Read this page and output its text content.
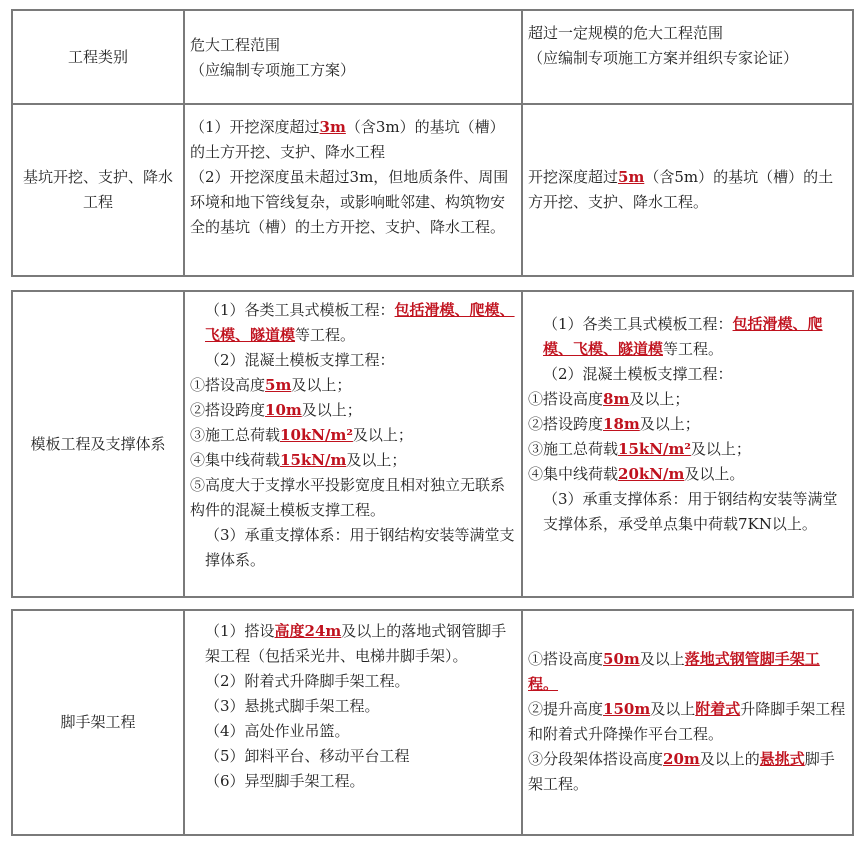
工程类别

危大工程范围

（应编制专项施工方案）

超过一定规模的危大工程范围

（应编制专项施工方案并组织专家论证）

基坑开挖、支护、降水工程

（1）开挖深度超过3m（含3m）的基坑（槽）的土方开挖、支护、降水工程

（2）开挖深度虽未超过3m，但地质条件、周围环境和地下管线复杂，或影响毗邻建、构筑物安全的基坑（槽）的土方开挖、支护、降水工程。

开挖深度超过5m（含5m）的基坑（槽）的土方开挖、支护、降水工程。

模板工程及支撑体系

（1）各类工具式模板工程：包括滑模、爬模、飞模、隧道模等工程。

（2）混凝土模板支撑工程：

①搭设高度5m及以上；

②搭设跨度10m及以上；

③施工总荷载10kN/m²及以上；

④集中线荷载15kN/m及以上；

⑤高度大于支撑水平投影宽度且相对独立无联系构件的混凝土模板支撑工程。

（3）承重支撑体系：用于钢结构安装等满堂支撑体系。

（1）各类工具式模板工程：包括滑模、爬模、飞模、隧道模等工程。

（2）混凝土模板支撑工程：

①搭设高度8m及以上；

②搭设跨度18m及以上；

③施工总荷载15kN/m²及以上；

④集中线荷载20kN/m及以上。

（3）承重支撑体系：用于钢结构安装等满堂支撑体系，承受单点集中荷载7KN以上。

脚手架工程

（1）搭设高度24m及以上的落地式钢管脚手架工程（包括采光井、电梯井脚手架）。

（2）附着式升降脚手架工程。

（3）悬挑式脚手架工程。

（4）高处作业吊篮。

（5）卸料平台、移动平台工程

（6）异型脚手架工程。

①搭设高度50m及以上落地式钢管脚手架工程。

②提升高度150m及以上附着式升降脚手架工程和附着式升降操作平台工程。

③分段架体搭设高度20m及以上的悬挑式脚手架工程。
